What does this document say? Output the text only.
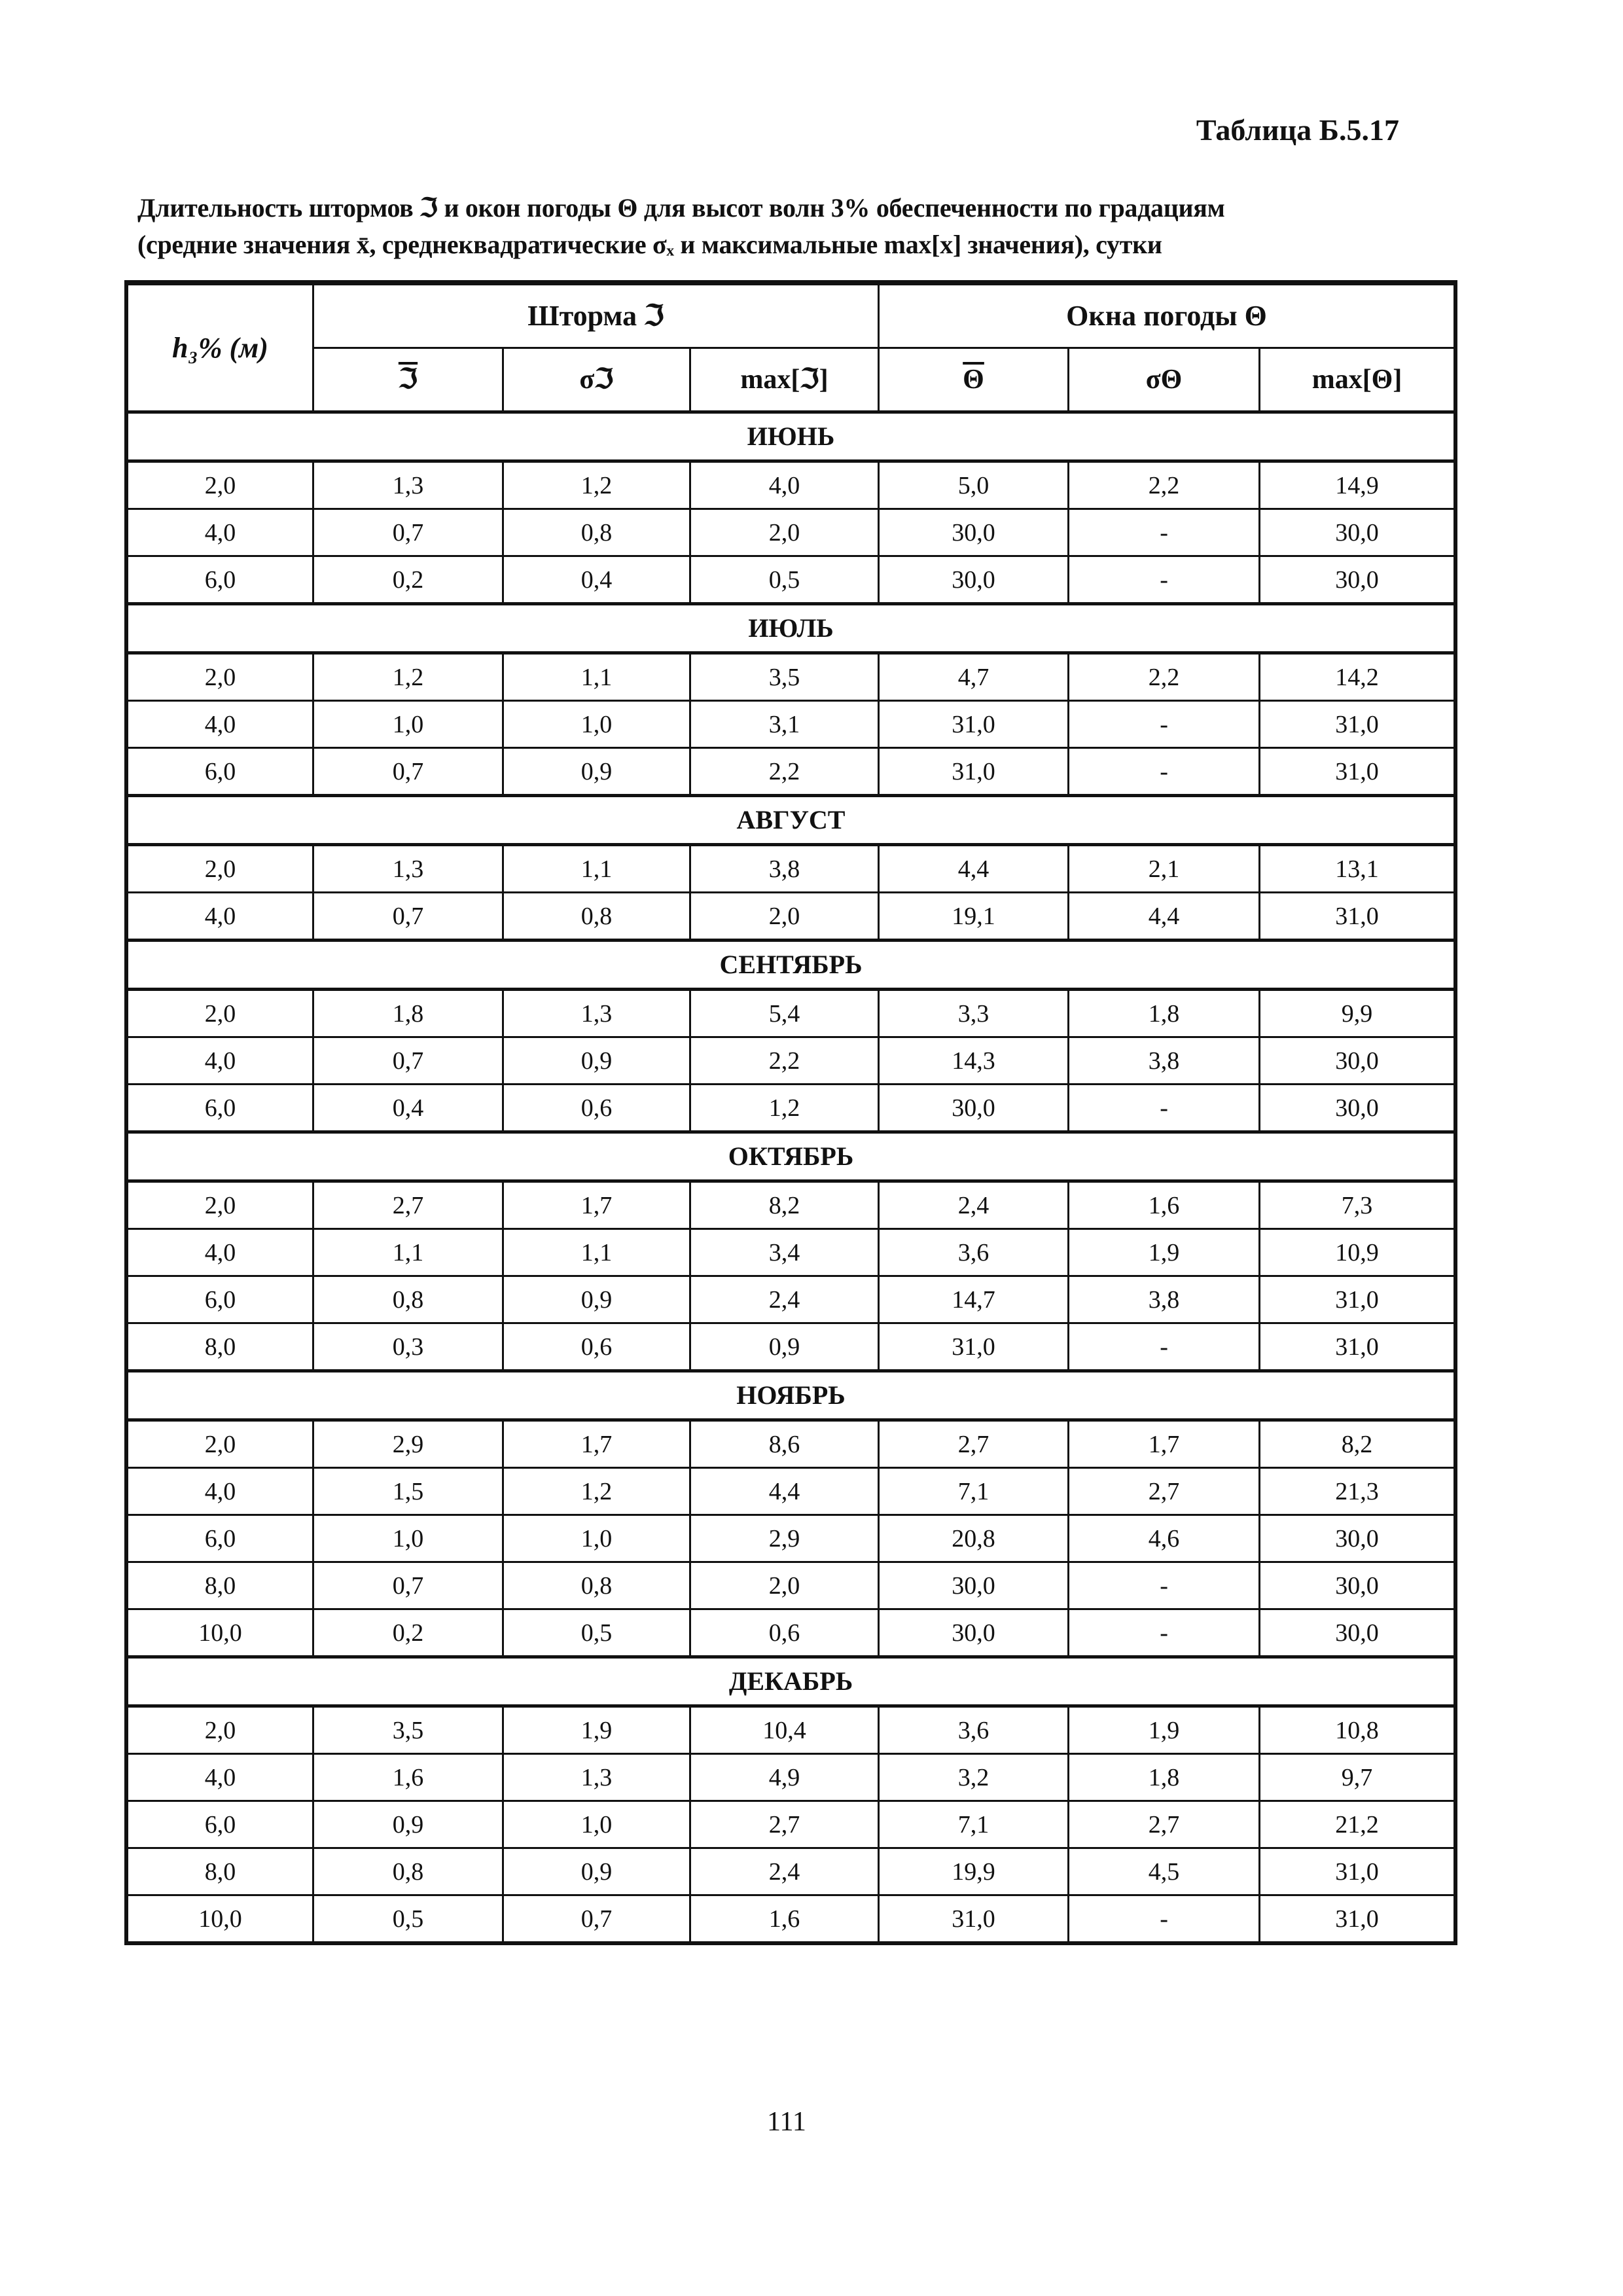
Таблица Б.5.17
Длительность штормов ℑ и окон погоды Θ для высот волн 3% обеспеченности по градациям
(средние значения x̄, среднеквадратические σₓ и максимальные max[x] значения), сутки
h₃% (м)	Шторма ℑ			Окна погоды Θ		
	ℑ	σℑ	max[ℑ]	$\overline{\Theta}$	σΘ	max[Θ]
ИЮНЬ						
2,0	1,3	1,2	4,0	5,0	2,2	14,9
4,0	0,7	0,8	2,0	30,0	-	30,0
6,0	0,2	0,4	0,5	30,0	-	30,0
ИЮЛЬ						
2,0	1,2	1,1	3,5	4,7	2,2	14,2
4,0	1,0	1,0	3,1	31,0	-	31,0
6,0	0,7	0,9	2,2	31,0	-	31,0
АВГУСТ						
2,0	1,3	1,1	3,8	4,4	2,1	13,1
4,0	0,7	0,8	2,0	19,1	4,4	31,0
СЕНТЯБРЬ						
2,0	1,8	1,3	5,4	3,3	1,8	9,9
4,0	0,7	0,9	2,2	14,3	3,8	30,0
6,0	0,4	0,6	1,2	30,0	-	30,0
ОКТЯБРЬ						
2,0	2,7	1,7	8,2	2,4	1,6	7,3
4,0	1,1	1,1	3,4	3,6	1,9	10,9
6,0	0,8	0,9	2,4	14,7	3,8	31,0
8,0	0,3	0,6	0,9	31,0	-	31,0
НОЯБРЬ						
2,0	2,9	1,7	8,6	2,7	1,7	8,2
4,0	1,5	1,2	4,4	7,1	2,7	21,3
6,0	1,0	1,0	2,9	20,8	4,6	30,0
8,0	0,7	0,8	2,0	30,0	-	30,0
10,0	0,2	0,5	0,6	30,0	-	30,0
ДЕКАБРЬ						
2,0	3,5	1,9	10,4	3,6	1,9	10,8
4,0	1,6	1,3	4,9	3,2	1,8	9,7
6,0	0,9	1,0	2,7	7,1	2,7	21,2
8,0	0,8	0,9	2,4	19,9	4,5	31,0
10,0	0,5	0,7	1,6	31,0	-	31,0
111
